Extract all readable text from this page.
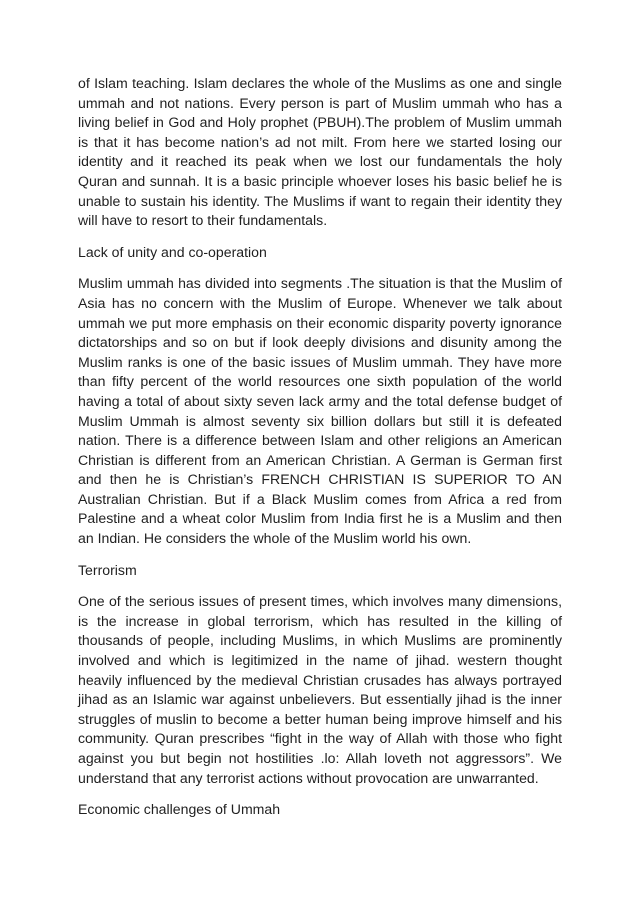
of Islam teaching. Islam declares the whole of the Muslims as one and single ummah and not nations. Every person is part of Muslim ummah who has a living belief in God and Holy prophet (PBUH).The problem of Muslim ummah is that it has become nation’s ad not milt. From here we started losing our identity and it reached its peak when we lost our fundamentals the holy Quran and sunnah. It is a basic principle whoever loses his basic belief he is unable to sustain his identity. The Muslims if want to regain their identity they will have to resort to their fundamentals.

Lack of unity and co-operation

Muslim ummah has divided into segments .The situation is that the Muslim of Asia has no concern with the Muslim of Europe. Whenever we talk about ummah we put more emphasis on their economic disparity poverty ignorance dictatorships and so on but if look deeply divisions and disunity among the Muslim ranks is one of the basic issues of Muslim ummah. They have more than fifty percent of the world resources one sixth population of the world having a total of about sixty seven lack army and the total defense budget of Muslim Ummah is almost seventy six billion dollars but still it is defeated nation. There is a difference between Islam and other religions an American Christian is different from an American Christian. A German is German first and then he is Christian’s FRENCH CHRISTIAN IS SUPERIOR TO AN Australian Christian. But if a Black Muslim comes from Africa a red from Palestine and a wheat color Muslim from India first he is a Muslim and then an Indian. He considers the whole of the Muslim world his own.

Terrorism

One of the serious issues of present times, which involves many dimensions, is the increase in global terrorism, which has resulted in the killing of thousands of people, including Muslims, in which Muslims are prominently involved and which is legitimized in the name of jihad. western thought heavily influenced by the medieval Christian crusades has always portrayed jihad as an Islamic war against unbelievers. But essentially jihad is the inner struggles of muslin to become a better human being improve himself and his community. Quran prescribes “fight in the way of Allah with those who fight against you but begin not hostilities .lo: Allah loveth not aggressors”. We understand that any terrorist actions without provocation are unwarranted.

Economic challenges of Ummah
